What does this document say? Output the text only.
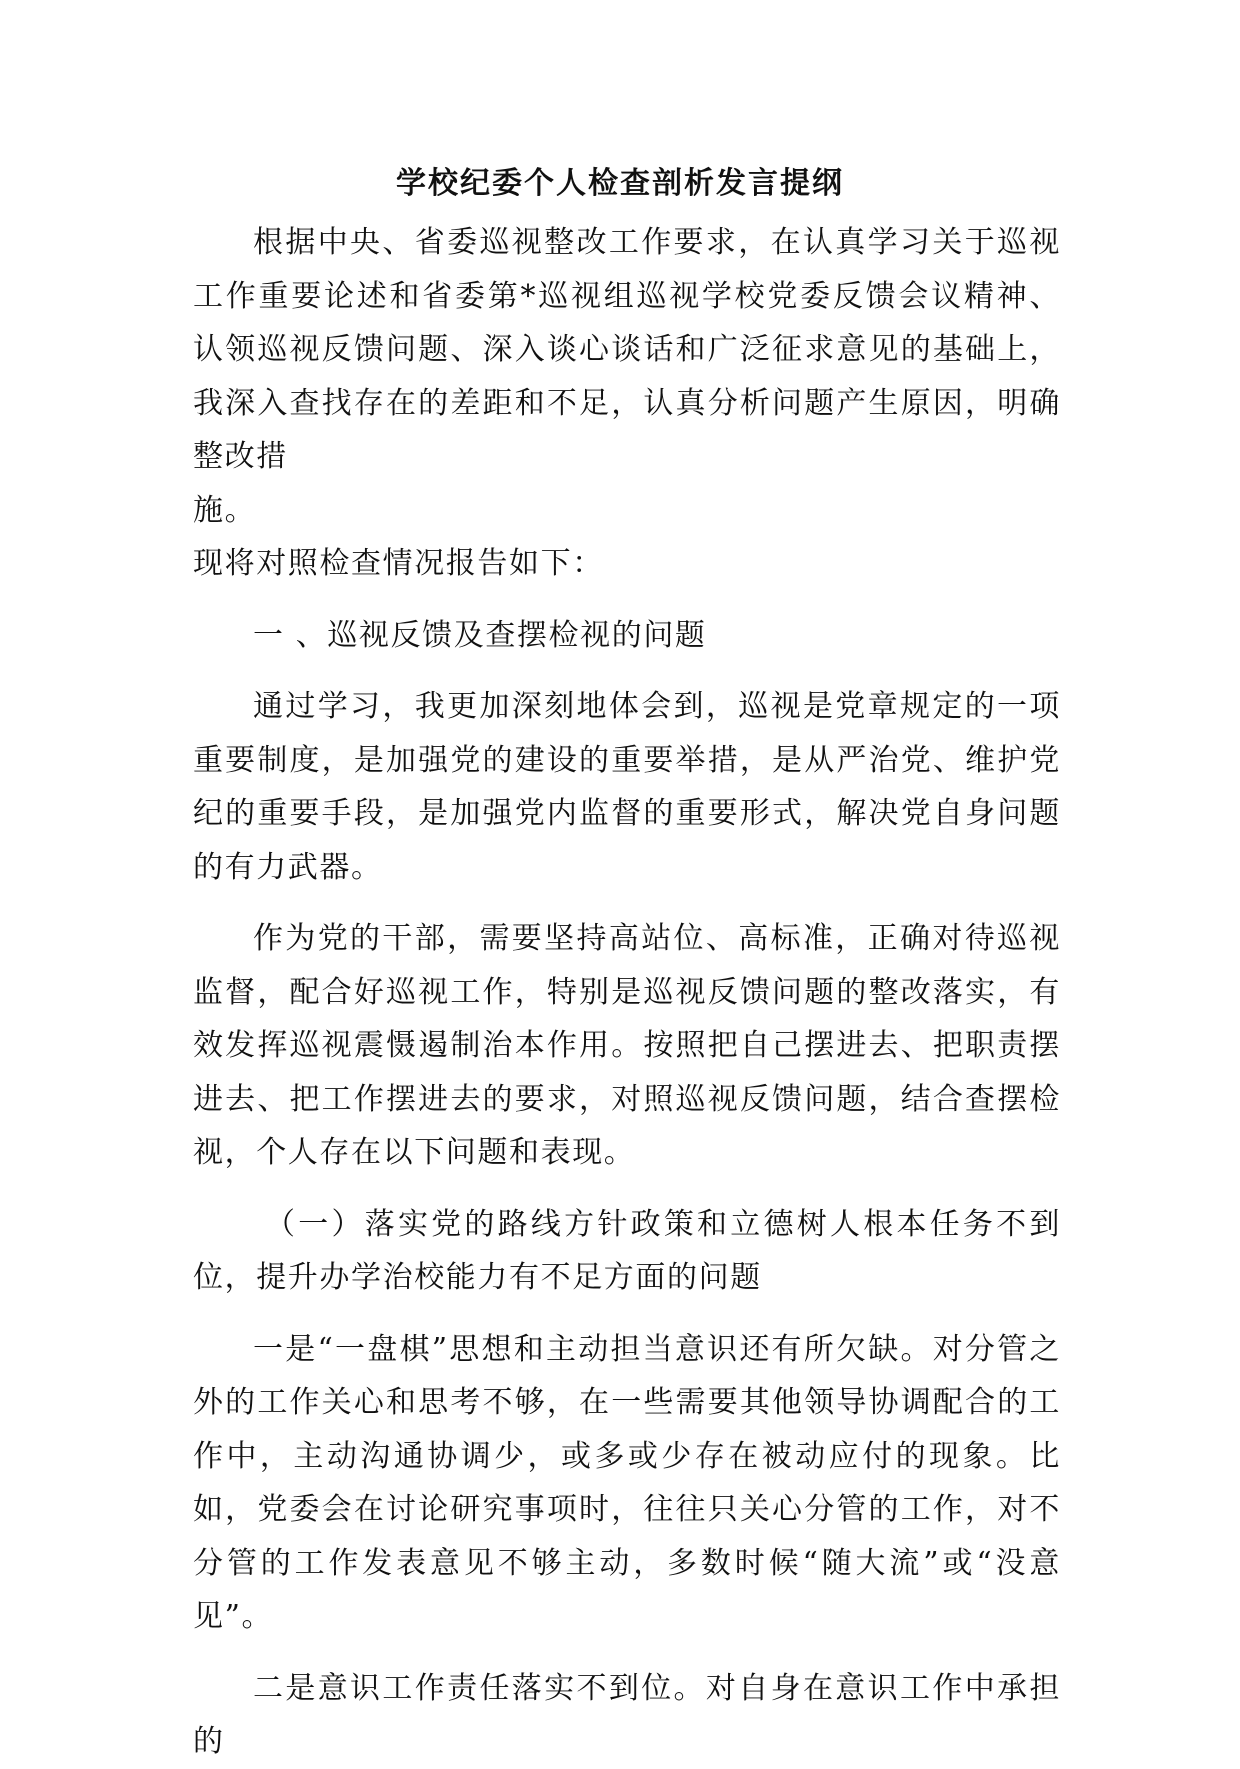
学校纪委个人检查剖析发言提纲

根据中央、省委巡视整改工作要求，在认真学习关于巡视工作重要论述和省委第*巡视组巡视学校党委反馈会议精神、认领巡视反馈问题、深入谈心谈话和广泛征求意见的基础上，我深入查找存在的差距和不足，认真分析问题产生原因，明确整改措

施。

现将对照检查情况报告如下：

一 、巡视反馈及查摆检视的问题

通过学习，我更加深刻地体会到，巡视是党章规定的一项重要制度，是加强党的建设的重要举措，是从严治党、维护党纪的重要手段，是加强党内监督的重要形式，解决党自身问题的有力武器。

作为党的干部，需要坚持高站位、高标准，正确对待巡视监督，配合好巡视工作，特别是巡视反馈问题的整改落实，有效发挥巡视震慑遏制治本作用。按照把自己摆进去、把职责摆进去、把工作摆进去的要求，对照巡视反馈问题，结合查摆检视，个人存在以下问题和表现。

（一）落实党的路线方针政策和立德树人根本任务不到位，提升办学治校能力有不足方面的问题

一是“一盘棋”思想和主动担当意识还有所欠缺。对分管之外的工作关心和思考不够，在一些需要其他领导协调配合的工作中，主动沟通协调少，或多或少存在被动应付的现象。比如，党委会在讨论研究事项时，往往只关心分管的工作，对不分管的工作发表意见不够主动，多数时候“随大流”或“没意见”。

二是意识工作责任落实不到位。对自身在意识工作中承担的
